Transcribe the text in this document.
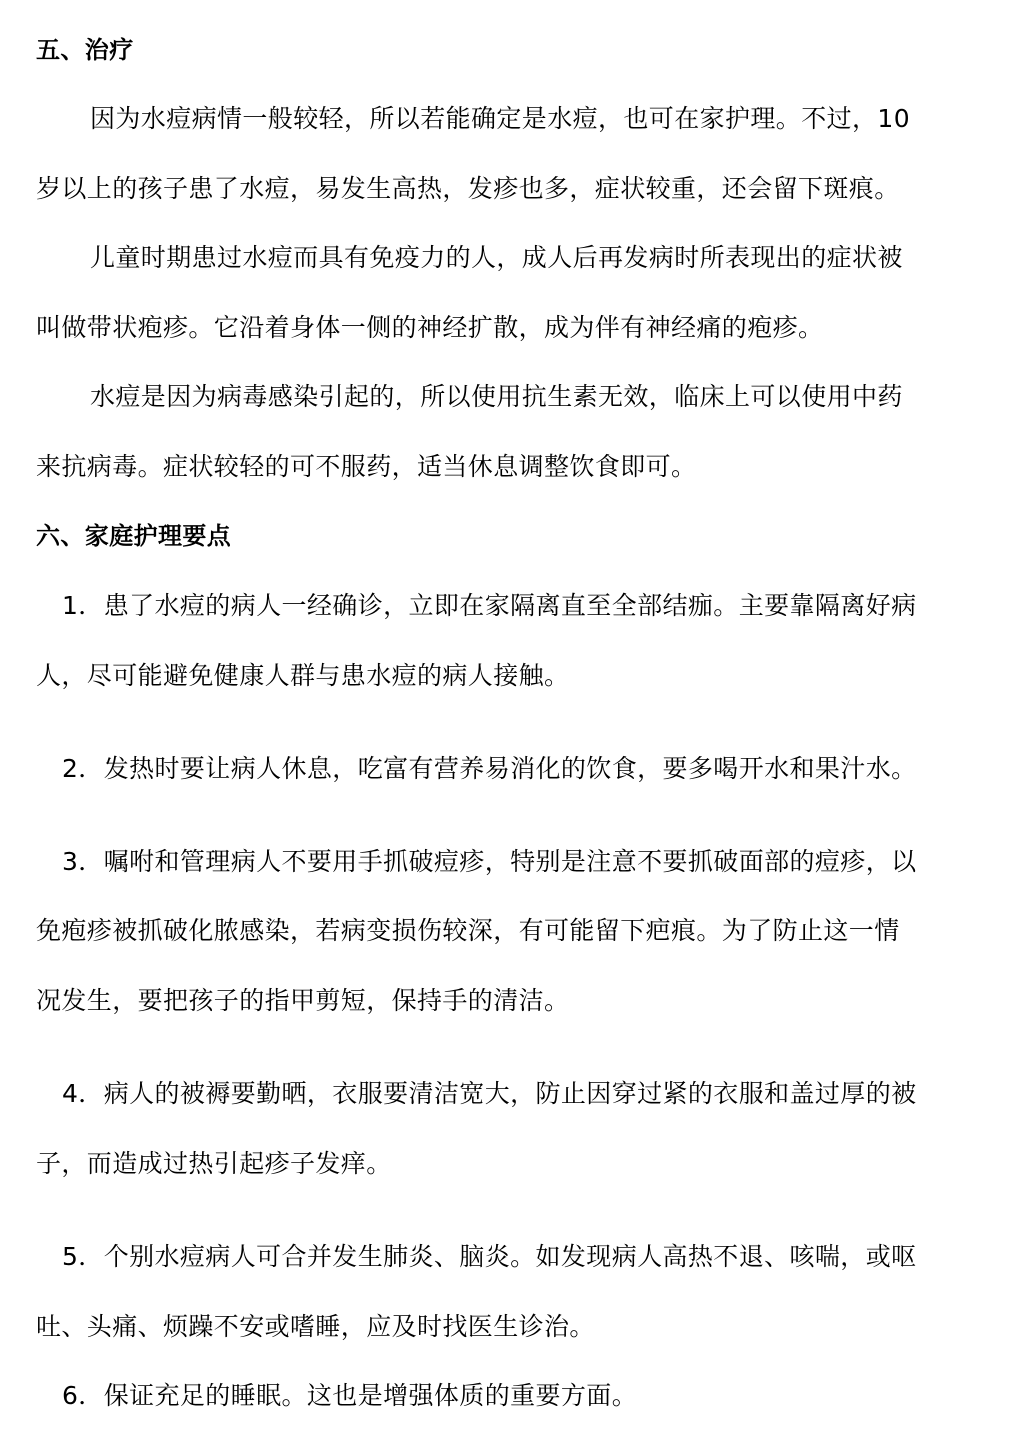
五、治疗
因为水痘病情一般较轻，所以若能确定是水痘，也可在家护理。不过，10
岁以上的孩子患了水痘，易发生高热，发疹也多，症状较重，还会留下斑痕。
儿童时期患过水痘而具有免疫力的人，成人后再发病时所表现出的症状被
叫做带状疱疹。它沿着身体一侧的神经扩散，成为伴有神经痛的疱疹。
水痘是因为病毒感染引起的，所以使用抗生素无效，临床上可以使用中药
来抗病毒。症状较轻的可不服药，适当休息调整饮食即可。
六、家庭护理要点
1．患了水痘的病人一经确诊，立即在家隔离直至全部结痂。主要靠隔离好病
人，尽可能避免健康人群与患水痘的病人接触。
2．发热时要让病人休息，吃富有营养易消化的饮食，要多喝开水和果汁水。
3．嘱咐和管理病人不要用手抓破痘疹，特别是注意不要抓破面部的痘疹，以
免疱疹被抓破化脓感染，若病变损伤较深，有可能留下疤痕。为了防止这一情
况发生，要把孩子的指甲剪短，保持手的清洁。
4．病人的被褥要勤晒，衣服要清洁宽大，防止因穿过紧的衣服和盖过厚的被
子，而造成过热引起疹子发痒。
5．个别水痘病人可合并发生肺炎、脑炎。如发现病人高热不退、咳喘，或呕
吐、头痛、烦躁不安或嗜睡，应及时找医生诊治。
6．保证充足的睡眠。这也是增强体质的重要方面。
